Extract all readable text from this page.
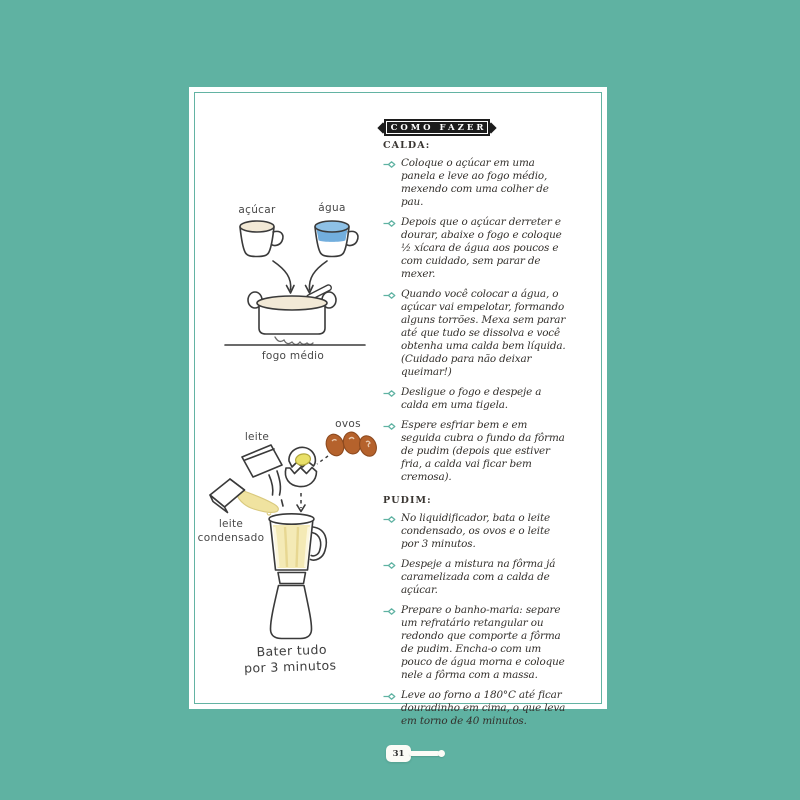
COMO FAZER
açúcar	água
fogo médio
leite
ovos
leite
condensado
Bater tudo
por 3 minutos
CALDA:
Coloque o açúcar em uma panela e leve ao fogo médio, mexendo com uma colher de pau.
Depois que o açúcar derreter e dourar, abaixe o fogo e coloque ½ xícara de água aos poucos e com cuidado, sem parar de mexer.
Quando você colocar a água, o açúcar vai empelotar, formando alguns torrões. Mexa sem parar até que tudo se dissolva e você obtenha uma calda bem líquida. (Cuidado para não deixar queimar!)
Desligue o fogo e despeje a calda em uma tigela.
Espere esfriar bem e em seguida cubra o fundo da fôrma de pudim (depois que estiver fria, a calda vai ficar bem cremosa).
PUDIM:
No liquidificador, bata o leite condensado, os ovos e o leite por 3 minutos.
Despeje a mistura na fôrma já caramelizada com a calda de açúcar.
Prepare o banho-maria: separe um refratário retangular ou redondo que comporte a fôrma de pudim. Encha-o com um pouco de água morna e coloque nele a fôrma com a massa.
Leve ao forno a 180°C até ficar douradinho em cima, o que leva em torno de 40 minutos.
31
